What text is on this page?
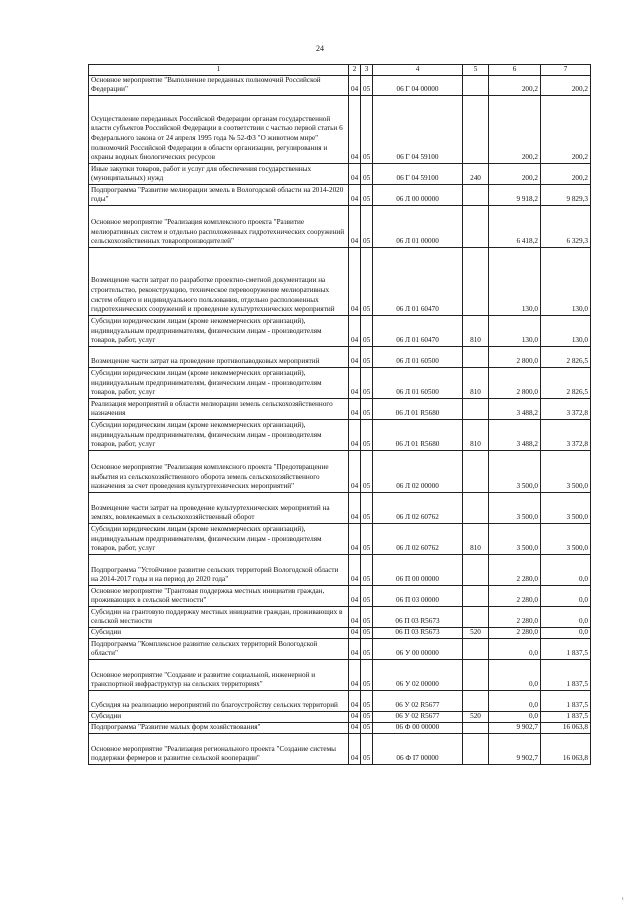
24
1	2	3	4	5	6	7
Основное мероприятие "Выполнение переданных полномочий Российской Федерации"	04	05	06 Г 04 00000		200,2	200,2
Осуществление переданных Российской Федерации органам государственной власти субъектов Российской Федерации в соответствии с частью первой статьи 6 Федерального закона от 24 апреля 1995 года № 52-ФЗ "О животном мире" полномочий Российской Федерации в области организации, регулирования и охраны водных биологических ресурсов	04	05	06 Г 04 59100		200,2	200,2
Иные закупки товаров, работ и услуг для обеспечения государственных (муниципальных) нужд	04	05	06 Г 04 59100	240	200,2	200,2
Подпрограмма "Развитие мелиорации земель в Вологодской области на 2014-2020 годы"	04	05	06 Л 00 00000		9 918,2	9 829,3
Основное мероприятие "Реализация комплексного проекта "Развитие мелиоративных систем и отдельно расположенных гидротехнических сооружений сельскохозяйственных товаропроизводителей"	04	05	06 Л 01 00000		6 418,2	6 329,3
Возмещение части затрат по разработке проектно-сметной документации на строительство, реконструкцию, техническое перевооружение мелиоративных систем общего и индивидуального пользования, отдельно расположенных гидротехнических сооружений и проведение культуртехнических мероприятий	04	05	06 Л 01 60470		130,0	130,0
Субсидии юридическим лицам (кроме некоммерческих организаций), индивидуальным предпринимателям, физическим лицам - производителям товаров, работ, услуг	04	05	06 Л 01 60470	810	130,0	130,0
Возмещение части затрат на проведение противопаводковых мероприятий	04	05	06 Л 01 60500		2 800,0	2 826,5
Субсидии юридическим лицам (кроме некоммерческих организаций), индивидуальным предпринимателям, физическим лицам - производителям товаров, работ, услуг	04	05	06 Л 01 60500	810	2 800,0	2 826,5
Реализация мероприятий в области мелиорации земель сельскохозяйственного назначения	04	05	06 Л 01 R5680		3 488,2	3 372,8
Субсидии юридическим лицам (кроме некоммерческих организаций), индивидуальным предпринимателям, физическим лицам - производителям товаров, работ, услуг	04	05	06 Л 01 R5680	810	3 488,2	3 372,8
Основное мероприятие "Реализация комплексного проекта "Предотвращение выбытия из сельскохозяйственного оборота земель сельскохозяйственного назначения за счет проведения культуртехнических мероприятий"	04	05	06 Л 02 00000		3 500,0	3 500,0
Возмещение части затрат на проведение культуртехнических мероприятий на землях, вовлекаемых в сельскохозяйственный оборот	04	05	06 Л 02 60762		3 500,0	3 500,0
Субсидии юридическим лицам (кроме некоммерческих организаций), индивидуальным предпринимателям, физическим лицам - производителям товаров, работ, услуг	04	05	06 Л 02 60762	810	3 500,0	3 500,0
Подпрограмма "Устойчивое развитие сельских территорий Вологодской области на 2014-2017 годы и на период до 2020 года"	04	05	06 П 00 00000		2 280,0	0,0
Основное мероприятие "Грантовая поддержка местных инициатив граждан, проживающих в сельской местности"	04	05	06 П 03 00000		2 280,0	0,0
Субсидии на грантовую поддержку местных инициатив граждан, проживающих в сельской местности	04	05	06 П 03 R5673		2 280,0	0,0
Субсидии	04	05	06 П 03 R5673	520	2 280,0	0,0
Подпрограмма "Комплексное развитие сельских территорий Вологодской области"	04	05	06 У 00 00000		0,0	1 837,5
Основное мероприятие "Создание и развитие социальной, инженерной и транспортной инфраструктур на сельских территориях"	04	05	06 У 02 00000		0,0	1 837,5
Субсидия на реализацию мероприятий по благоустройству сельских территорий	04	05	06 У 02 R5677		0,0	1 837,5
Субсидии	04	05	06 У 02 R5677	520	0,0	1 837,5
Подпрограмма "Развитие малых форм хозяйствования"	04	05	06 Ф 00 00000		9 902,7	16 063,8
Основное мероприятие "Реализация регионального проекта "Создание системы поддержки фермеров и развитие сельской кооперации"	04	05	06 Ф I7 00000		9 902,7	16 063,8
ı
